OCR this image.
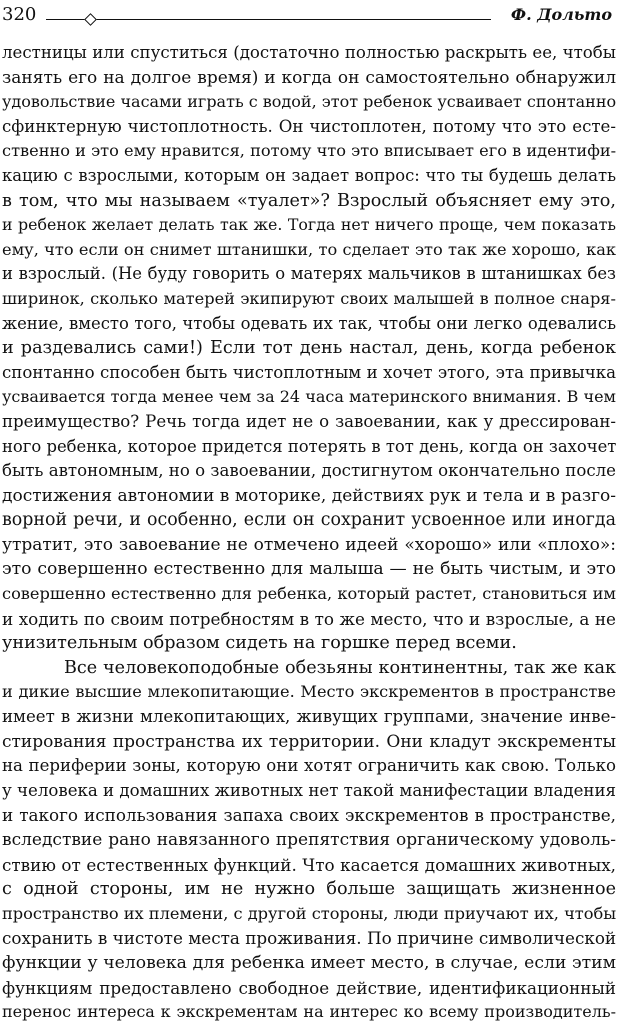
320	Ф. Дольто
лестницы или спуститься (достаточно полностью раскрыть ее, чтобы
занять его на долгое время) и когда он самостоятельно обнаружил
удовольствие часами играть с водой, этот ребенок усваивает спонтанно
сфинктерную чистоплотность. Он чистоплотен, потому что это есте-
ственно и это ему нравится, потому что это вписывает его в идентифи-
кацию с взрослыми, которым он задает вопрос: что ты будешь делать
в том, что мы называем «туалет»? Взрослый объясняет ему это,
и ребенок желает делать так же. Тогда нет ничего проще, чем показать
ему, что если он снимет штанишки, то сделает это так же хорошо, как
и взрослый. (Не буду говорить о матерях мальчиков в штанишках без
ширинок, сколько матерей экипируют своих малышей в полное снаря-
жение, вместо того, чтобы одевать их так, чтобы они легко одевались
и раздевались сами!) Если тот день настал, день, когда ребенок
спонтанно способен быть чистоплотным и хочет этого, эта привычка
усваивается тогда менее чем за 24 часа материнского внимания. В чем
преимущество? Речь тогда идет не о завоевании, как у дрессирован-
ного ребенка, которое придется потерять в тот день, когда он захочет
быть автономным, но о завоевании, достигнутом окончательно после
достижения автономии в моторике, действиях рук и тела и в разго-
ворной речи, и особенно, если он сохранит усвоенное или иногда
утратит, это завоевание не отмечено идеей «хорошо» или «плохо»:
это совершенно естественно для малыша — не быть чистым, и это
совершенно естественно для ребенка, который растет, становиться им
и ходить по своим потребностям в то же место, что и взрослые, а не
унизительным образом сидеть на горшке перед всеми.
Все человекоподобные обезьяны континентны, так же как
и дикие высшие млекопитающие. Место экскрементов в пространстве
имеет в жизни млекопитающих, живущих группами, значение инве-
стирования пространства их территории. Они кладут экскременты
на периферии зоны, которую они хотят ограничить как свою. Только
у человека и домашних животных нет такой манифестации владения
и такого использования запаха своих экскрементов в пространстве,
вследствие рано навязанного препятствия органическому удоволь-
ствию от естественных функций. Что касается домашних животных,
с одной стороны, им не нужно больше защищать жизненное
пространство их племени, с другой стороны, люди приучают их, чтобы
сохранить в чистоте места проживания. По причине символической
функции у человека для ребенка имеет место, в случае, если этим
функциям предоставлено свободное действие, идентификационный
перенос интереса к экскрементам на интерес ко всему производитель-
